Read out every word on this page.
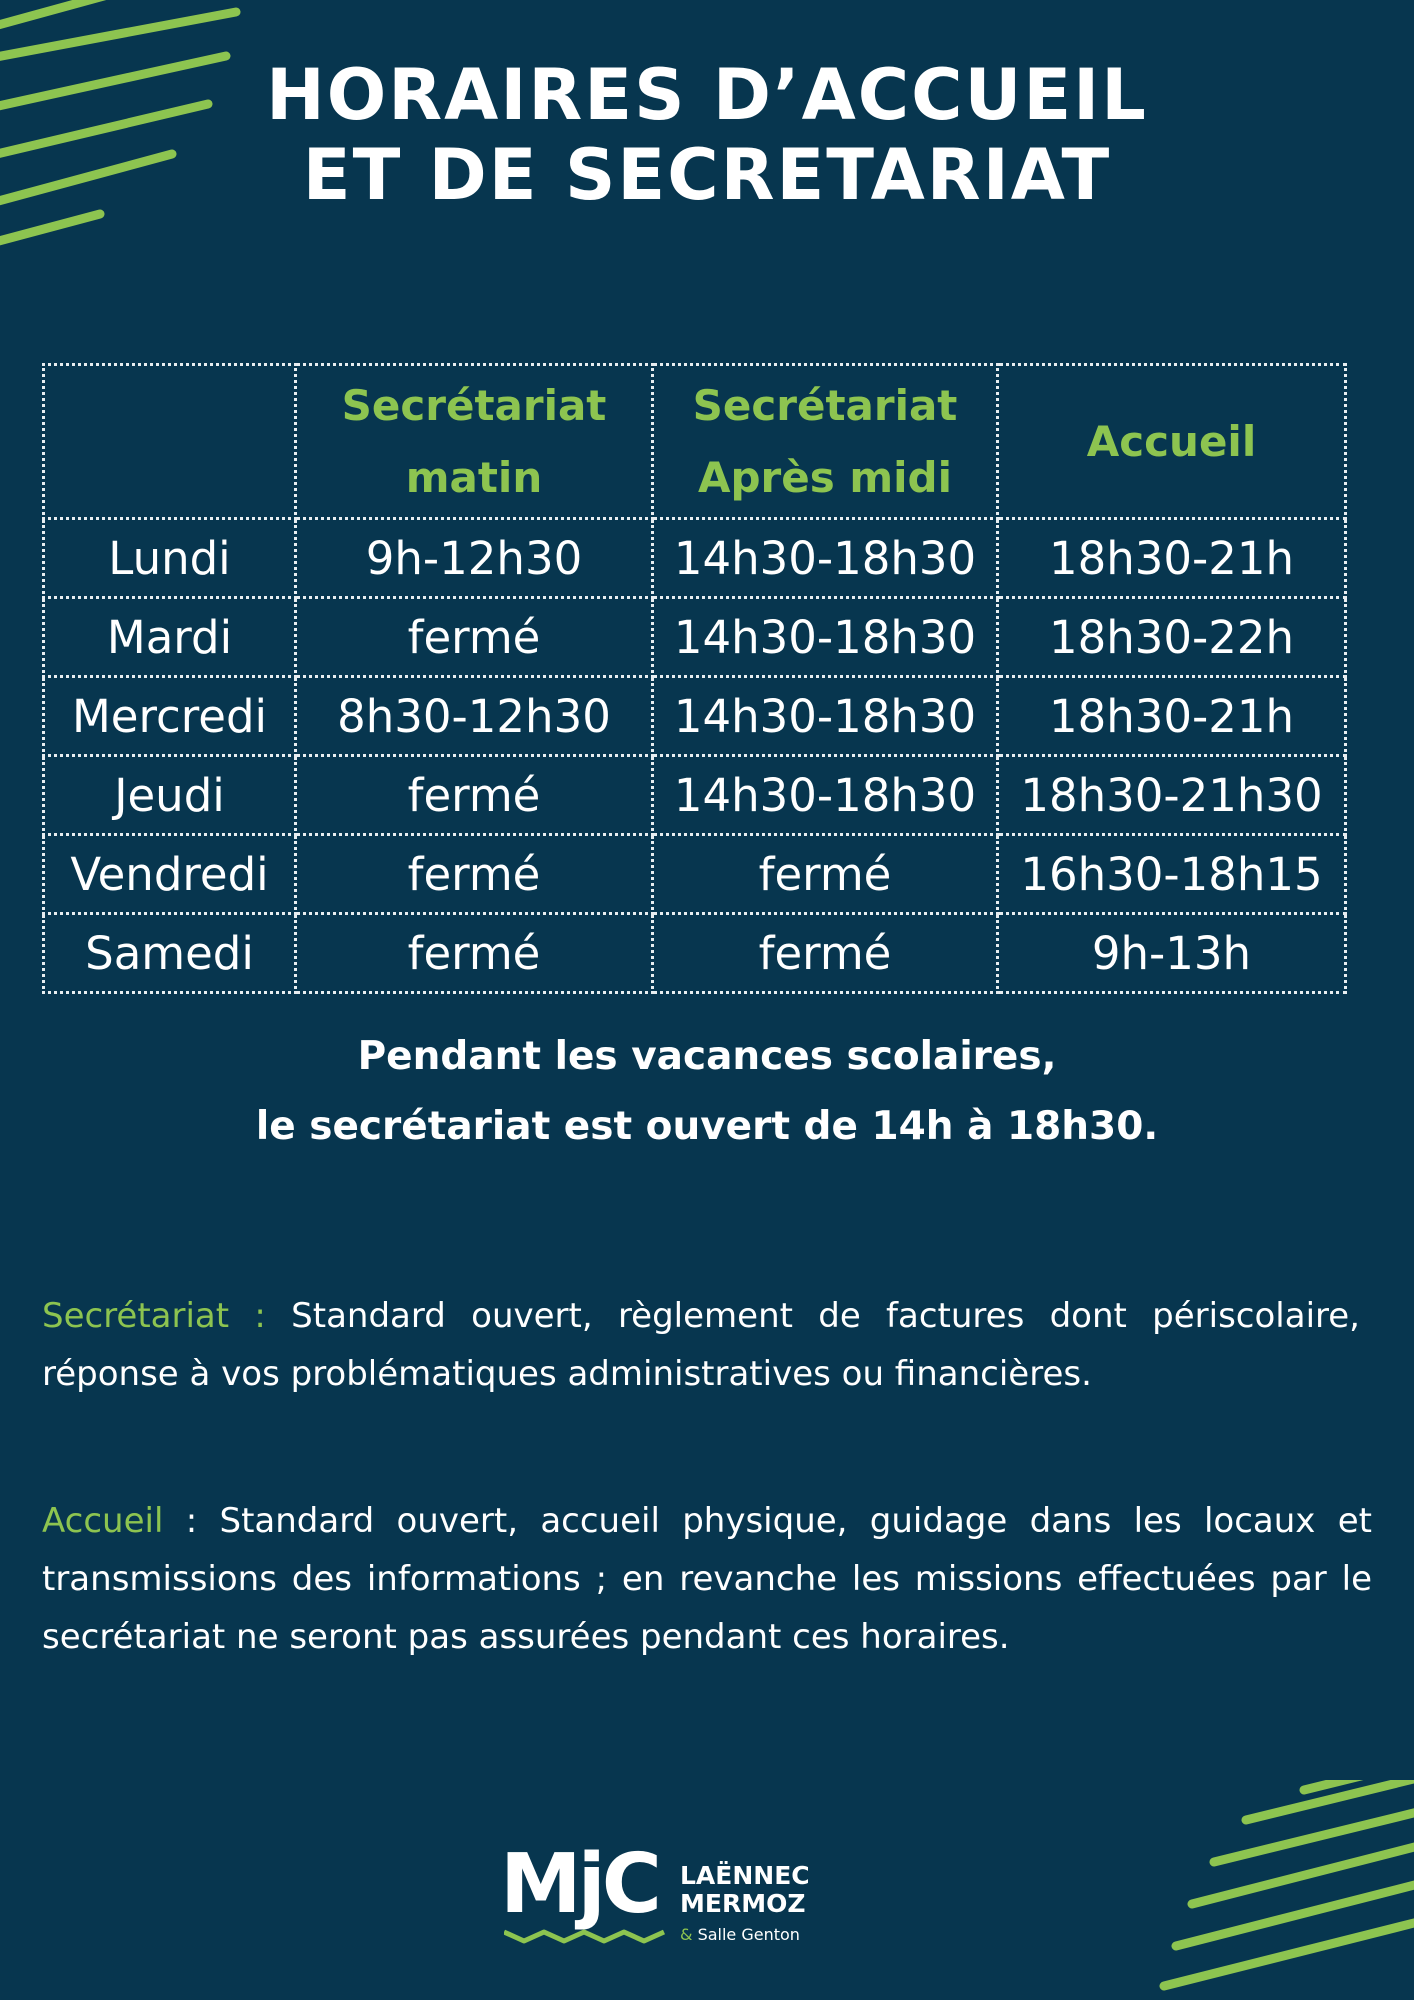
HORAIRES D’ACCUEIL
ET DE SECRETARIAT
	Secrétariat matin	Secrétariat Après midi	Accueil
Lundi	9h-12h30	14h30-18h30	18h30-21h
Mardi	fermé	14h30-18h30	18h30-22h
Mercredi	8h30-12h30	14h30-18h30	18h30-21h
Jeudi	fermé	14h30-18h30	18h30-21h30
Vendredi	fermé	fermé	16h30-18h15
Samedi	fermé	fermé	9h-13h
Pendant les vacances scolaires,
le secrétariat est ouvert de 14h à 18h30.

Secrétariat : Standard ouvert, règlement de factures dont périscolaire, réponse à vos problématiques administratives ou financières.

Accueil : Standard ouvert, accueil physique, guidage dans les locaux et transmissions des informations ; en revanche les missions effectuées par le secrétariat ne seront pas assurées pendant ces horaires.

MjC LAËNNEC
MERMOZ
& Salle Genton
